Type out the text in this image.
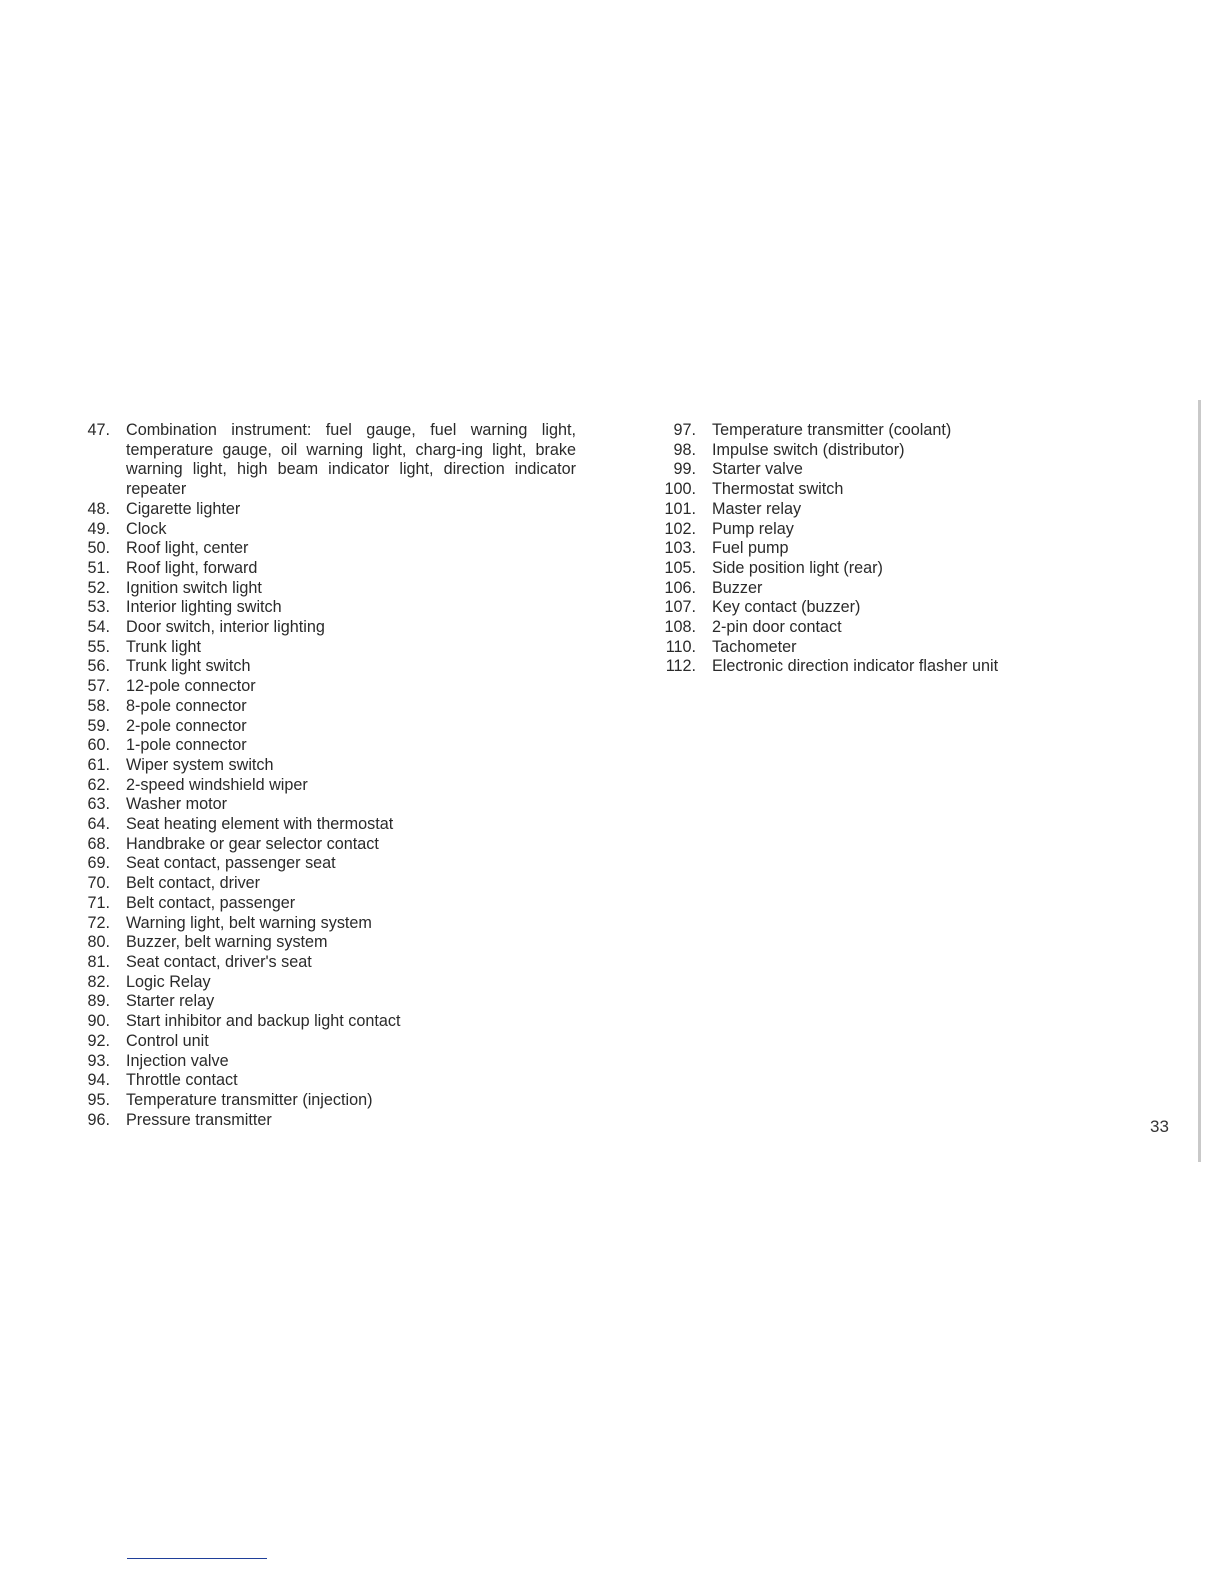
47. Combination instrument: fuel gauge, fuel warning light, temperature gauge, oil warning light, charg-ing light, brake warning light, high beam indicator light, direction indicator repeater
48. Cigarette lighter
49. Clock
50. Roof light, center
51. Roof light, forward
52. Ignition switch light
53. Interior lighting switch
54. Door switch, interior lighting
55. Trunk light
56. Trunk light switch
57. 12-pole connector
58. 8-pole connector
59. 2-pole connector
60. 1-pole connector
61. Wiper system switch
62. 2-speed windshield wiper
63. Washer motor
64. Seat heating element with thermostat
68. Handbrake or gear selector contact
69. Seat contact, passenger seat
70. Belt contact, driver
71. Belt contact, passenger
72. Warning light, belt warning system
80. Buzzer, belt warning system
81. Seat contact, driver's seat
82. Logic Relay
89. Starter relay
90. Start inhibitor and backup light contact
92. Control unit
93. Injection valve
94. Throttle contact
95. Temperature transmitter (injection)
96. Pressure transmitter
97. Temperature transmitter (coolant)
98. Impulse switch (distributor)
99. Starter valve
100. Thermostat switch
101. Master relay
102. Pump relay
103. Fuel pump
105. Side position light (rear)
106. Buzzer
107. Key contact (buzzer)
108. 2-pin door contact
110. Tachometer
112. Electronic direction indicator flasher unit
33
